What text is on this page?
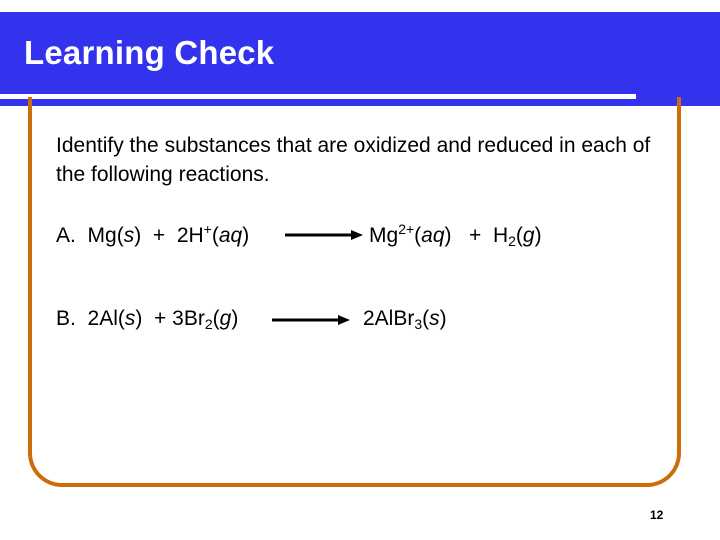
Learning Check
Identify the substances that are oxidized and reduced in each of the following reactions.
A. Mg(s)  + 2H+(aq)	$Mg^{2+}(aq) + H_2(g)$
B. $2Al(s) + 3Br_2(g)$	2AlBr$_3$(s)
12
